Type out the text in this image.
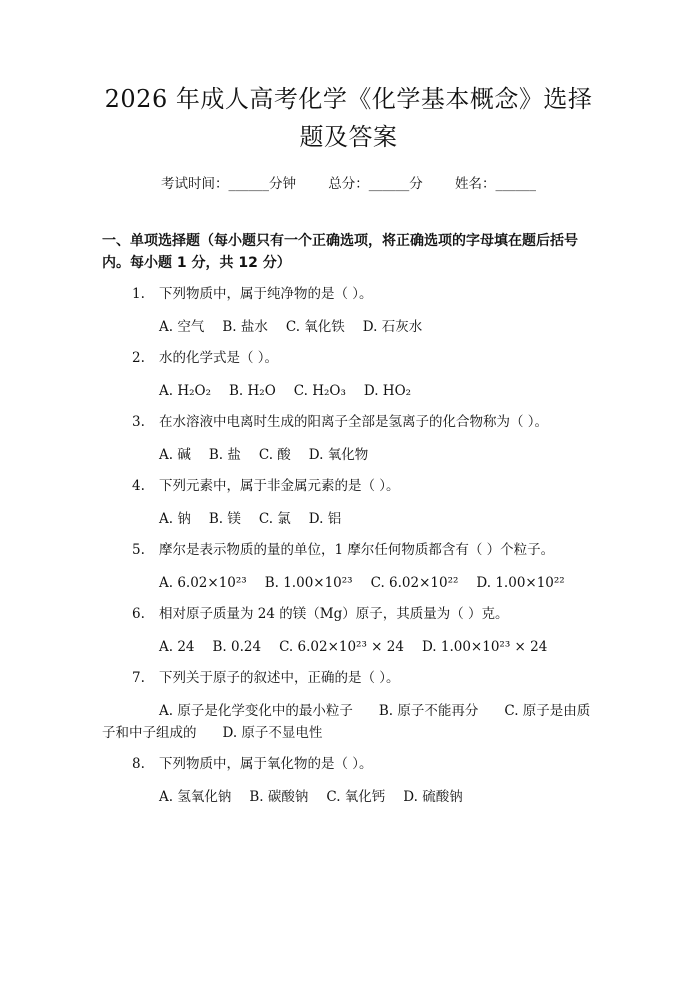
2026 年成人高考化学《化学基本概念》选择
题及答案
考试时间：______分钟 总分：______分 姓名：______
一、单项选择题（每小题只有一个正确选项，将正确选项的字母填在题后括号内。每小题 1 分，共 12 分）
1.	下列物质中，属于纯净物的是（ ）。
A. 空气 B. 盐水 C. 氧化铁 D. 石灰水
2.	水的化学式是（ ）。
A. H₂O₂ B. H₂O C. H₂O₃ D. HO₂
3.	在水溶液中电离时生成的阳离子全部是氢离子的化合物称为（ ）。
A. 碱 B. 盐 C. 酸 D. 氧化物
4.	下列元素中，属于非金属元素的是（ ）。
A. 钠 B. 镁 C. 氯 D. 铝
5.	摩尔是表示物质的量的单位，1 摩尔任何物质都含有（ ）个粒子。
A. 6.02×10²³ B. 1.00×10²³ C. 6.02×10²² D. 1.00×10²²
6.	相对原子质量为 24 的镁（Mg）原子，其质量为（ ）克。
A. 24 B. 0.24 C. 6.02×10²³ × 24 D. 1.00×10²³ × 24
7.	下列关于原子的叙述中，正确的是（ ）。
A. 原子是化学变化中的最小粒子 B. 原子不能再分 C. 原子是由质子和中子组成的 D. 原子不显电性
8.	下列物质中，属于氧化物的是（ ）。
A. 氢氧化钠 B. 碳酸钠 C. 氧化钙 D. 硫酸钠
